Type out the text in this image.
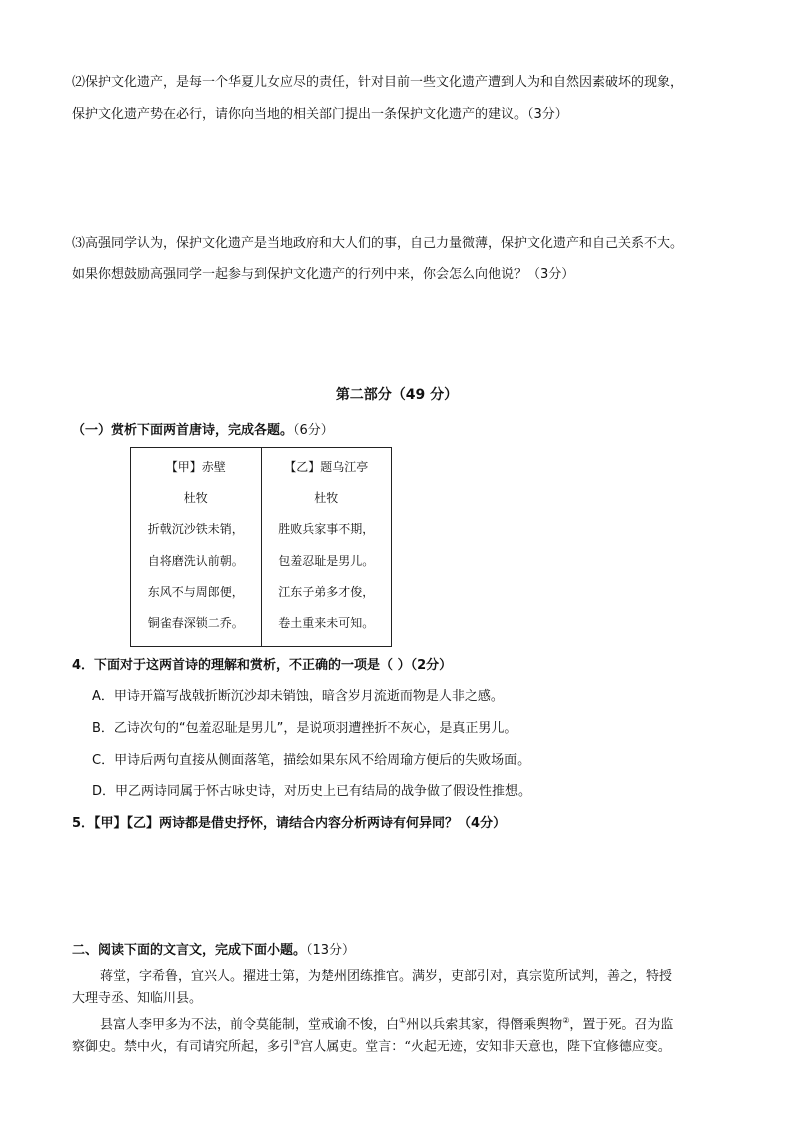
⑵保护文化遗产，是每一个华夏儿女应尽的责任，针对目前一些文化遗产遭到人为和自然因素破坏的现象，
保护文化遗产势在必行，请你向当地的相关部门提出一条保护文化遗产的建议。（3分）
⑶高强同学认为，保护文化遗产是当地政府和大人们的事，自己力量微薄，保护文化遗产和自己关系不大。
如果你想鼓励高强同学一起参与到保护文化遗产的行列中来，你会怎么向他说？（3分）
第二部分（49 分）
（一）赏析下面两首唐诗，完成各题。（6分）
【甲】赤壁
杜牧
折戟沉沙铁未销，
自将磨洗认前朝。
东风不与周郎便，
铜雀春深锁二乔。
【乙】题乌江亭
杜牧
胜败兵家事不期，
包羞忍耻是男儿。
江东子弟多才俊，
卷土重来未可知。
4．下面对于这两首诗的理解和赏析，不正确的一项是（ ）（2分）
A．甲诗开篇写战戟折断沉沙却未销蚀，暗含岁月流逝而物是人非之感。
B．乙诗次句的“包羞忍耻是男儿”，是说项羽遭挫折不灰心，是真正男儿。
C．甲诗后两句直接从侧面落笔，描绘如果东风不给周瑜方便后的失败场面。
D．甲乙两诗同属于怀古咏史诗，对历史上已有结局的战争做了假设性推想。
5．【甲】【乙】两诗都是借史抒怀，请结合内容分析两诗有何异同？（4分）
二、阅读下面的文言文，完成下面小题。（13分）
蒋堂，字希鲁，宜兴人。擢进士第，为楚州团练推官。满岁，吏部引对，真宗览所试判，善之，特授
大理寺丞、知临川县。
县富人李甲多为不法，前令莫能制，堂戒谕不悛，白①州以兵索其家，得僭乘舆物②，置于死。召为监
察御史。禁中火，有司请究所起，多引③宫人属吏。堂言：“火起无迹，安知非天意也，陛下宜修德应变。
